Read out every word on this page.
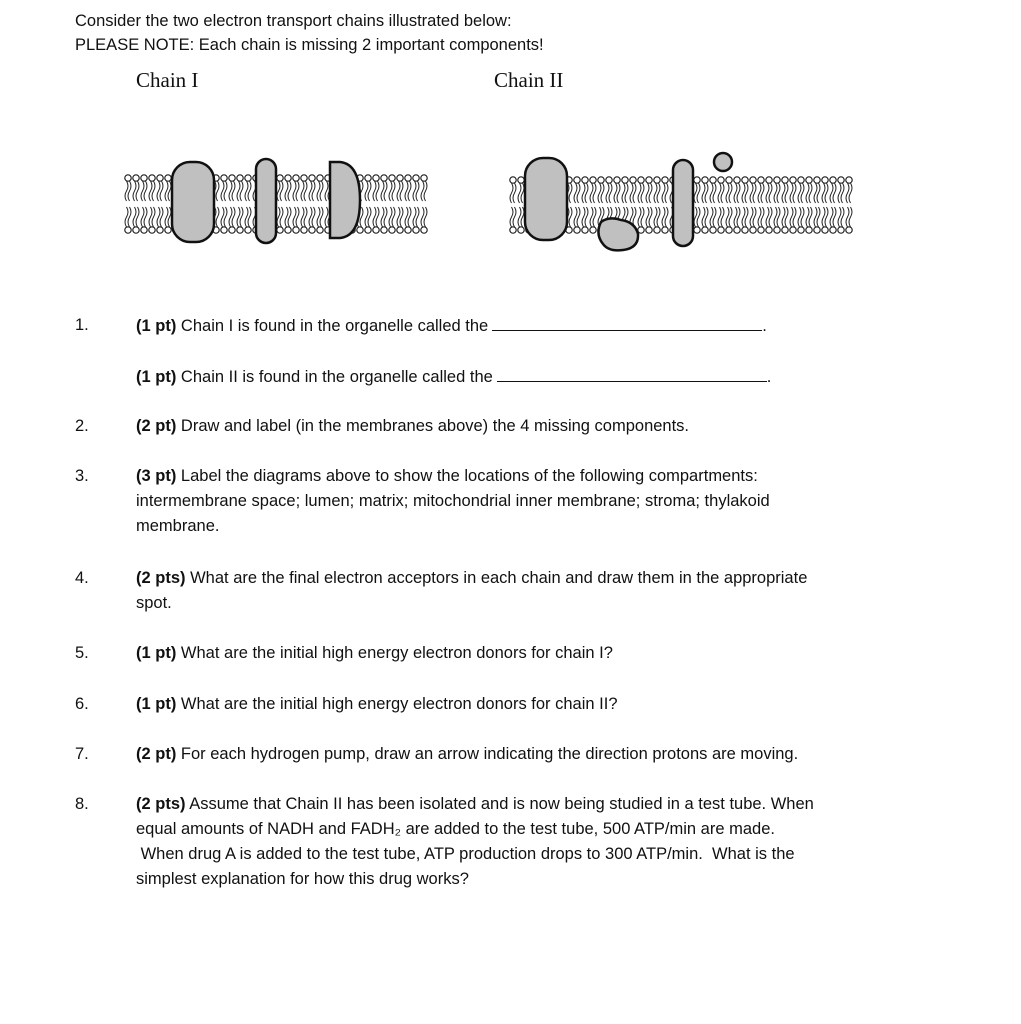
Consider the two electron transport chains illustrated below:
PLEASE NOTE: Each chain is missing 2 important components!
Chain I	Chain II
1.	(1 pt) Chain I is found in the organelle called the	.
(1 pt) Chain II is found in the organelle called the	.
2.	(2 pt) Draw and label (in the membranes above) the 4 missing components.
3.	(3 pt) Label the diagrams above to show the locations of the following compartments:
intermembrane space; lumen; matrix; mitochondrial inner membrane; stroma; thylakoid
membrane.
4.	(2 pts) What are the final electron acceptors in each chain and draw them in the appropriate
spot.
5.	(1 pt) What are the initial high energy electron donors for chain I?
6.	(1 pt) What are the initial high energy electron donors for chain II?
7.	(2 pt) For each hydrogen pump, draw an arrow indicating the direction protons are moving.
8.	(2 pts) Assume that Chain II has been isolated and is now being studied in a test tube. When
equal amounts of NADH and FADH₂ are added to the test tube, 500 ATP/min are made.
When drug A is added to the test tube, ATP production drops to 300 ATP/min.  What is the
simplest explanation for how this drug works?
